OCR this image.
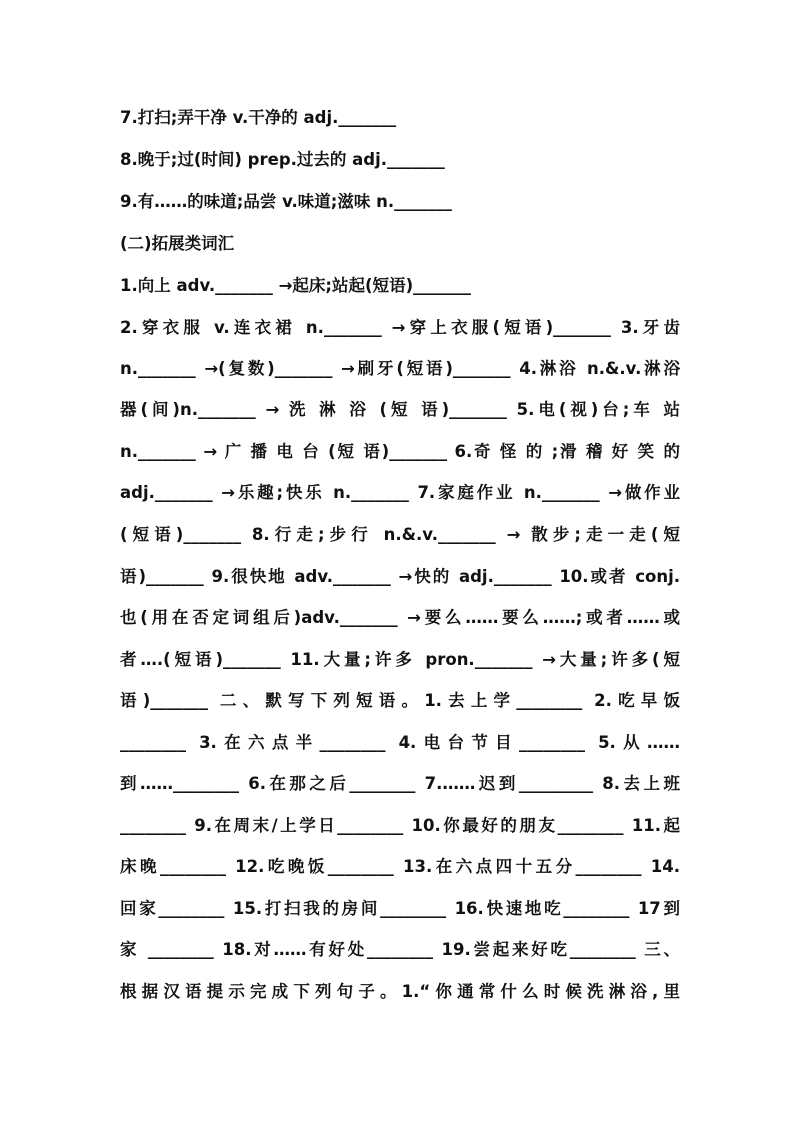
7.打扫;弄干净 v.干净的 adj._______
8.晚于;过(时间) prep.过去的 adj._______
9.有……的味道;品尝 v.味道;滋味 n._______
(二)拓展类词汇
1.向上 adv._______ →起床;站起(短语)_______
2.穿衣服 v.连衣裙 n._______ →穿上衣服(短语)_______ 3.牙齿
n._______ →(复数)_______ →刷牙(短语)_______ 4.淋浴 n.&.v.淋浴
器(间)n._______ → 洗 淋 浴 (短 语)_______ 5.电(视)台;车 站
n._______ → 广 播 电 台 (短 语)_______ 6.奇 怪 的 ;滑 稽 好 笑 的
adj._______ →乐趣;快乐 n._______ 7.家庭作业 n._______ →做作业
(短语)_______ 8.行走;步行 n.&.v._______ → 散步;走一走(短
语)_______ 9.很快地 adv._______ →快的 adj._______ 10.或者 conj.
也(用在否定词组后)adv._______ →要么……要么……;或者……或
者….(短语)_______ 11.大量;许多 pron._______ →大量;许多(短
语)_______ 二、默写下列短语。1.去上学________ 2.吃早饭
________ 3.在六点半________ 4.电台节目________ 5.从……
到……________ 6.在那之后________ 7.……迟到_________ 8.去上班
________ 9.在周末/上学日________ 10.你最好的朋友________ 11.起
床晚________ 12.吃晚饭________ 13.在六点四十五分________ 14.
回家________ 15.打扫我的房间________ 16.快速地吃________ 17到
家 ________ 18.对……有好处________ 19.尝起来好吃________ 三、
根据汉语提示完成下列句子。1.“你通常什么时候洗淋浴,里
